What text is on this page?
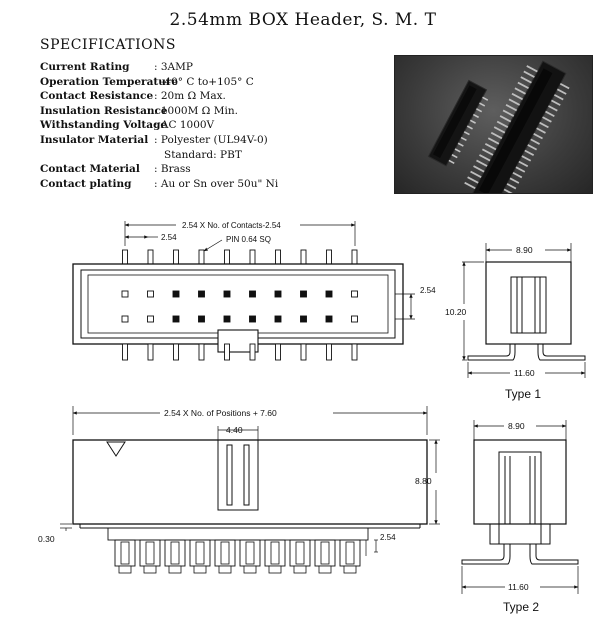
2.54mm BOX Header, S. M. T
SPECIFICATIONS
Current Rating	: 3AMP
Operation Temperature
: -40° C to+105° C
Contact Resistance : 20m Ω Max.
Insulation Resistance
: 1000M Ω Min.
Withstanding Voltage
: AC 1000V
Insulator Material : Polyester (UL94V-0)
Standard: PBT
Contact Material	: Brass
Contact plating	: Au or Sn over 50u" Ni
2.54 X No. of Contacts-2.54
2.54	PIN 0.64 SQ
2.54
8.90
10.20
11.60
Type 1
2.54 X No. of Positions + 7.60
4.40
8.80
0.30	2.54
8.90
11.60
Type 2
